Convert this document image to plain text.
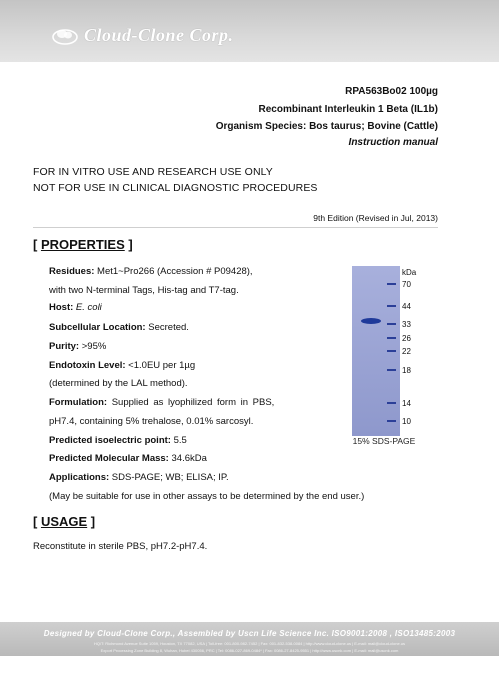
Cloud-Clone Corp.
RPA563Bo02 100µg
Recombinant Interleukin 1 Beta (IL1b)
Organism Species: Bos taurus; Bovine (Cattle)
Instruction manual
FOR IN VITRO USE AND RESEARCH USE ONLY
NOT FOR USE IN CLINICAL DIAGNOSTIC PROCEDURES
9th Edition (Revised in Jul, 2013)
[ PROPERTIES ]
Residues: Met1~Pro266 (Accession # P09428),
with two N-terminal Tags, His-tag and T7-tag.
Host: E. coli
Subcellular Location: Secreted.
Purity: >95%
Endotoxin Level: <1.0EU per 1µg
(determined by the LAL method).
Formulation: Supplied as lyophilized form in PBS,
pH7.4, containing 5% trehalose, 0.01% sarcosyl.
Predicted isoelectric point: 5.5
Predicted Molecular Mass: 34.6kDa
Applications: SDS-PAGE; WB; ELISA; IP.
(May be suitable for use in other assays to be determined by the end user.)
kDa
70
44
33
26
22
18
14
10
15% SDS-PAGE
[ USAGE ]
Reconstitute in sterile PBS, pH7.2-pH7.4.
Designed by Cloud-Clone Corp., Assembled by Uscn Life Science Inc. ISO9001:2008 , ISO13485:2003
HQ/T: Richmond Avenue Suite 1059, Houston, TX 77082, USA | Toll-free: 001-800-982-7452 | Fax: 001-832-538-0084 | http://www.cloud-clone.us | E-mail: mail@cloud-clone.us
Export Processing Zone Building 8, Wuhan, Hubei 430056, PRC | Tel: 0086-027-869-0484* | Fax: 0086-27-8425-9551 | http://www.uscnk.com | E-mail: mail@uscnk.com
